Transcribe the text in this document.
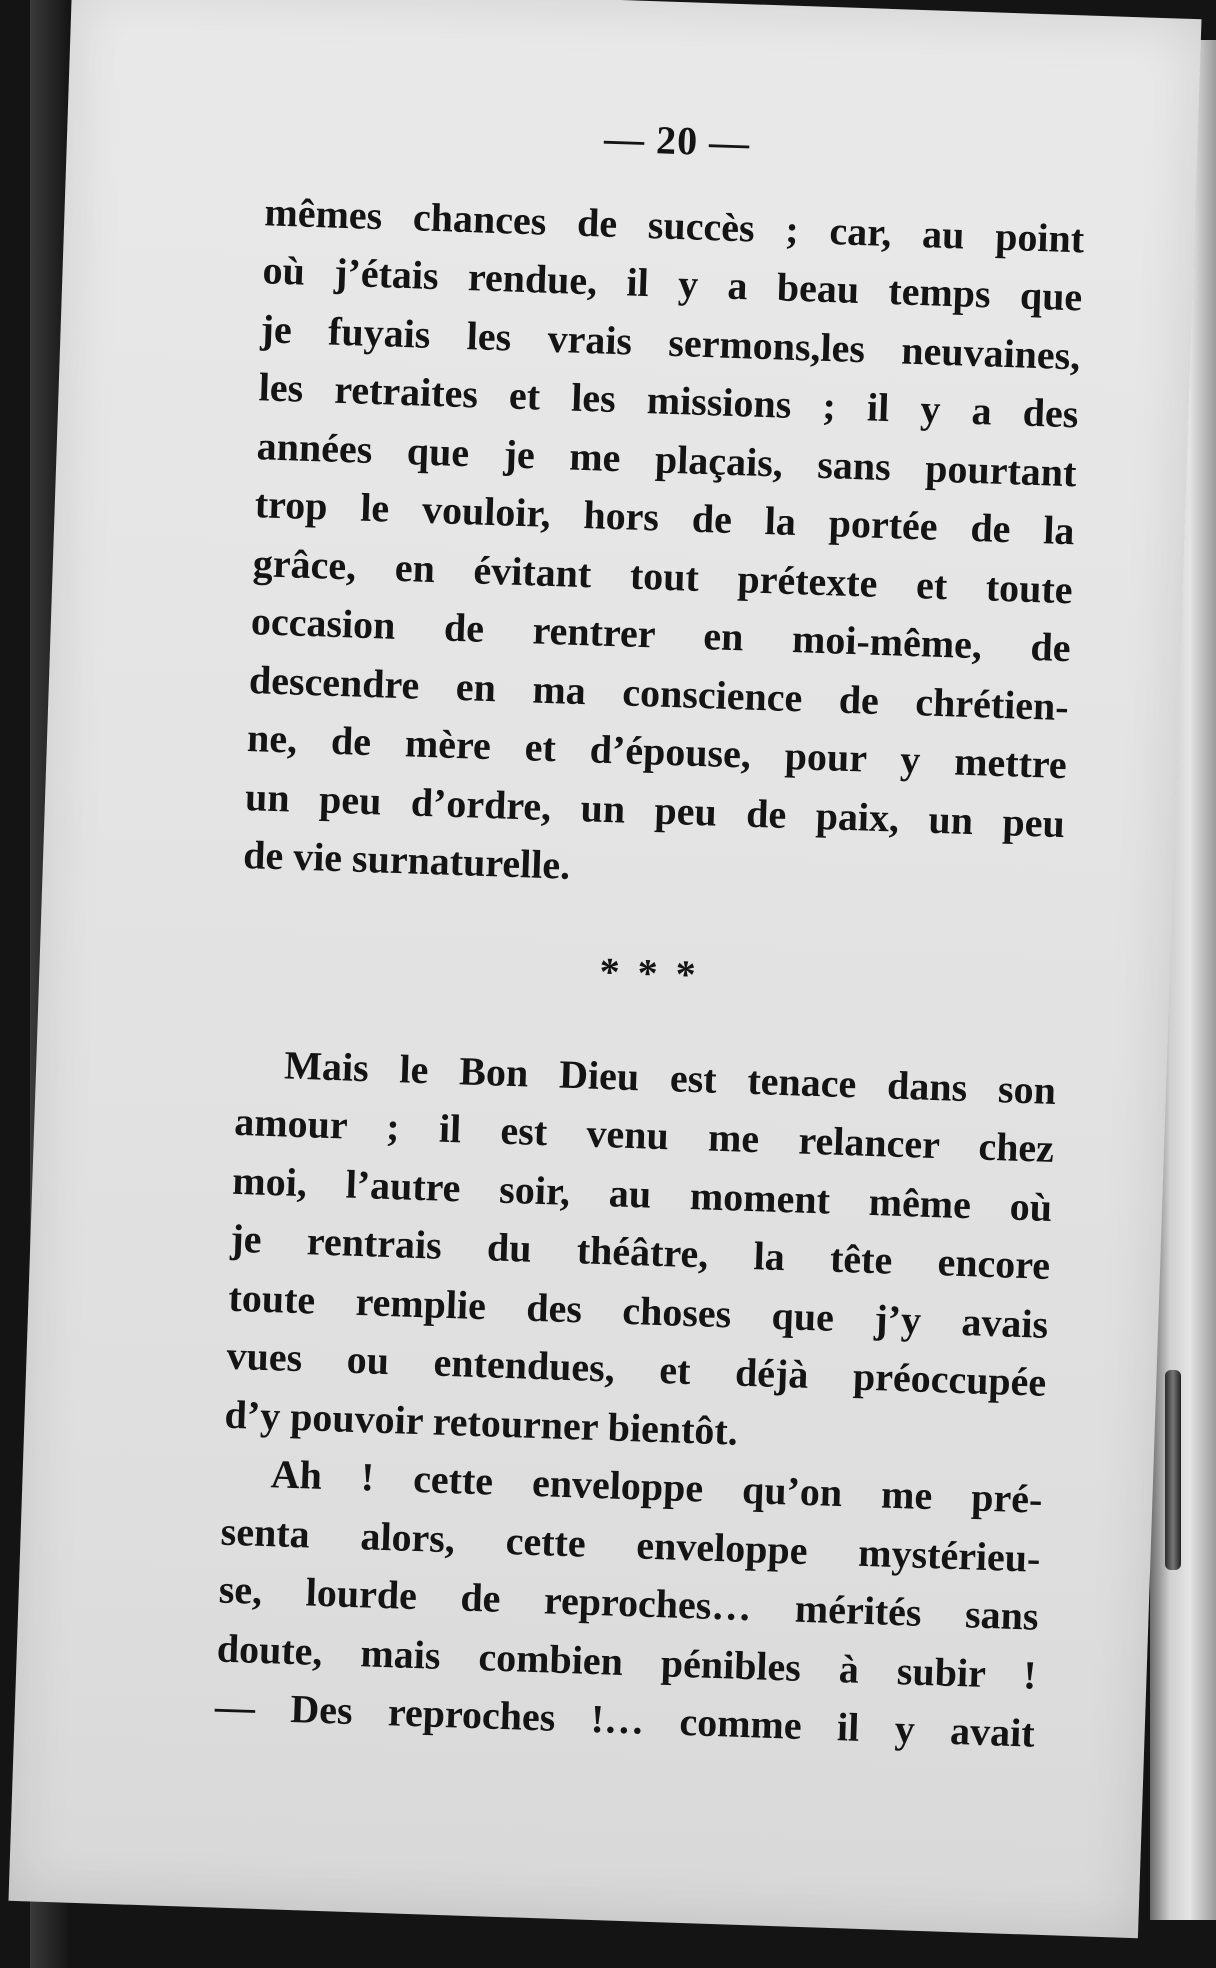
— 20 —
mêmes chances de succès ; car, au point
où j’étais rendue, il y a beau temps que
je fuyais les vrais sermons,les neuvaines,
les retraites et les missions ; il y a des
années que je me plaçais, sans pourtant
trop le vouloir, hors de la portée de la
grâce, en évitant tout prétexte et toute
occasion de rentrer en moi-même, de
descendre en ma conscience de chrétien-
ne, de mère et d’épouse, pour y mettre
un peu d’ordre, un peu de paix, un peu
de vie surnaturelle.
* * *
Mais le Bon Dieu est tenace dans son
amour ; il est venu me relancer chez
moi, l’autre soir, au moment même où
je rentrais du théâtre, la tête encore
toute remplie des choses que j’y avais
vues ou entendues, et déjà préoccupée
d’y pouvoir retourner bientôt.
Ah ! cette enveloppe qu’on me pré-
senta alors, cette enveloppe mystérieu-
se, lourde de reproches… mérités sans
doute, mais combien pénibles à subir !
— Des reproches !… comme il y avait
